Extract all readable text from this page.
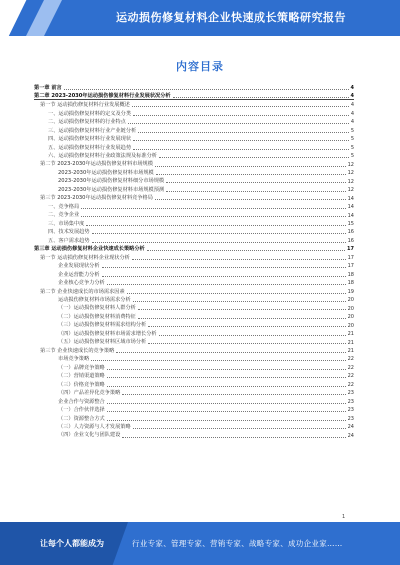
运动损伤修复材料企业快速成长策略研究报告
内容目录
第一章 前言	4
第二章 2023-2030年运动损伤修复材料行业发展状况分析	4
第一节 运动损伤修复材料行业发展概述	4
一、运动损伤修复材料的定义及分类	4
二、运动损伤修复材料的行业特点	4
三、运动损伤修复材料行业产业链分析	5
四、运动损伤修复材料行业发展现状	5
五、运动损伤修复材料行业发展趋势	5
六、运动损伤修复材料行业政策法规及标准分析	5
第二节 2023-2030年运动损伤修复材料市场规模	12
2023-2030年运动损伤修复材料市场规模	12
2023-2030年运动损伤修复材料细分市场规模	12
2023-2030年运动损伤修复材料市场规模预测	12
第三节 2023-2030年运动损伤修复材料竞争格局	14
一、竞争格局	14
二、竞争企业	14
三、市场集中度	15
四、技术发展趋势	16
五、客户需求趋势	16
第三章 运动损伤修复材料企业快速成长策略分析	17
第一节 运动损伤修复材料企业现状分析	17
企业发展现状分析	17
企业运营能力分析	18
企业核心竞争力分析	18
第二节 企业快速成长的市场需求因素	19
运动损伤修复材料市场需求分析	20
（一）运动损伤修复材料人群分析	20
（二）运动损伤修复材料消费特征	20
（三）运动损伤修复材料需求结构分析	20
（四）运动损伤修复材料市场需求增长分析	21
（五）运动损伤修复材料区域市场分析	21
第三节 企业快速成长的竞争策略	21
市场竞争策略	22
（一）品牌竞争策略	22
（二）营销渠道策略	22
（三）价格竞争策略	22
（四）产品差异化竞争策略	23
企业合作与资源整合	23
（一）合作伙伴选择	23
（二）资源整合方式	23
（三）人力资源与人才发展策略	24
（四）企业文化与团队建设	24
1
让每个人都能成为	行业专家、管理专家、营销专家、战略专家、成功企业家……
